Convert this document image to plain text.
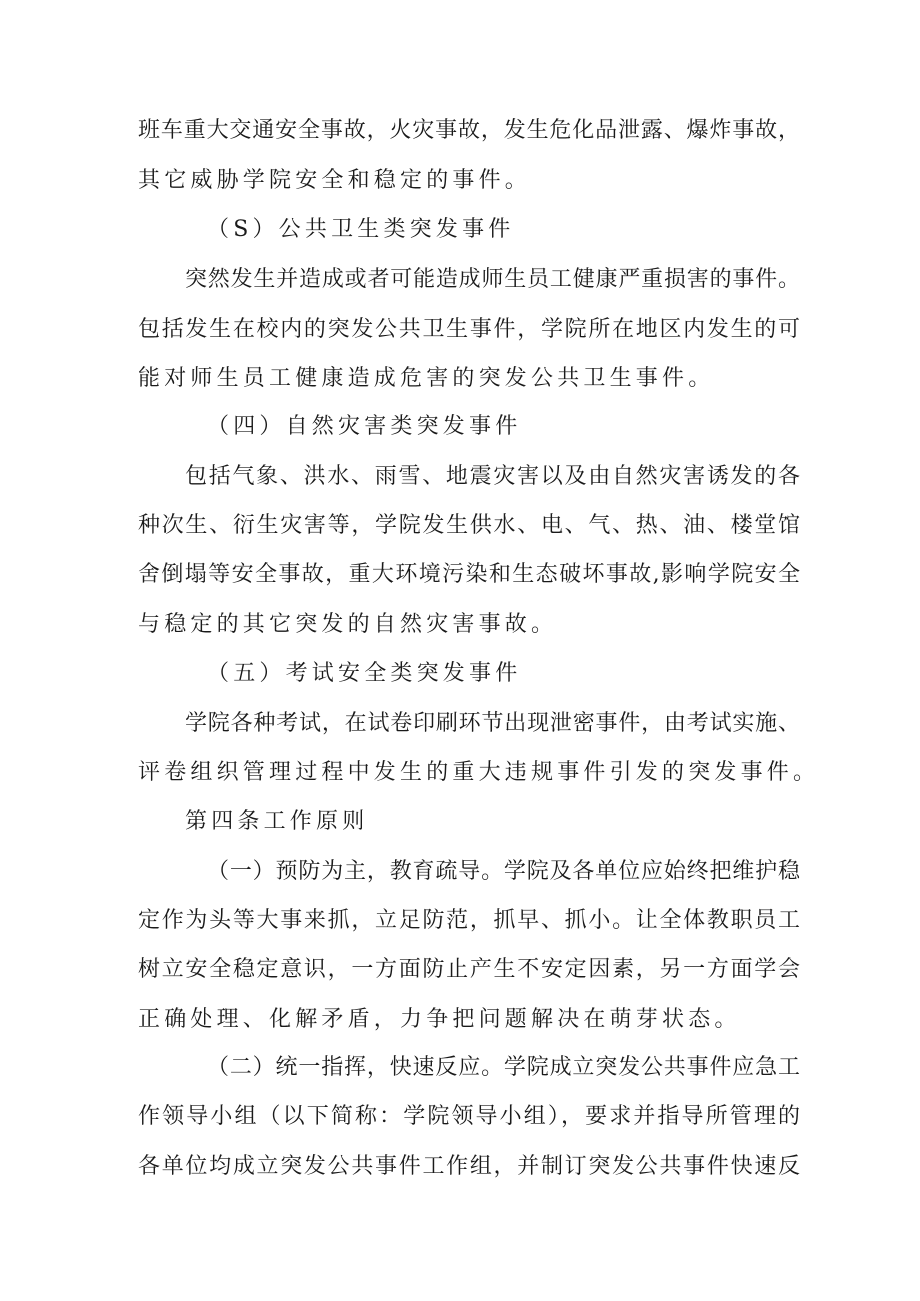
班车重大交通安全事故，火灾事故，发生危化品泄露、爆炸事故，
其它威胁学院安全和稳定的事件。
（S）公共卫生类突发事件
突然发生并造成或者可能造成师生员工健康严重损害的事件。
包括发生在校内的突发公共卫生事件，学院所在地区内发生的可
能对师生员工健康造成危害的突发公共卫生事件。
（四）自然灾害类突发事件
包括气象、洪水、雨雪、地震灾害以及由自然灾害诱发的各
种次生、衍生灾害等，学院发生供水、电、气、热、油、楼堂馆
舍倒塌等安全事故，重大环境污染和生态破坏事故,影响学院安全
与稳定的其它突发的自然灾害事故。
（五）考试安全类突发事件
学院各种考试，在试卷印刷环节出现泄密事件，由考试实施、
评卷组织管理过程中发生的重大违规事件引发的突发事件。
第四条工作原则
（一）预防为主，教育疏导。学院及各单位应始终把维护稳
定作为头等大事来抓，立足防范，抓早、抓小。让全体教职员工
树立安全稳定意识，一方面防止产生不安定因素，另一方面学会
正确处理、化解矛盾，力争把问题解决在萌芽状态。
（二）统一指挥，快速反应。学院成立突发公共事件应急工
作领导小组（以下简称：学院领导小组），要求并指导所管理的
各单位均成立突发公共事件工作组，并制订突发公共事件快速反
